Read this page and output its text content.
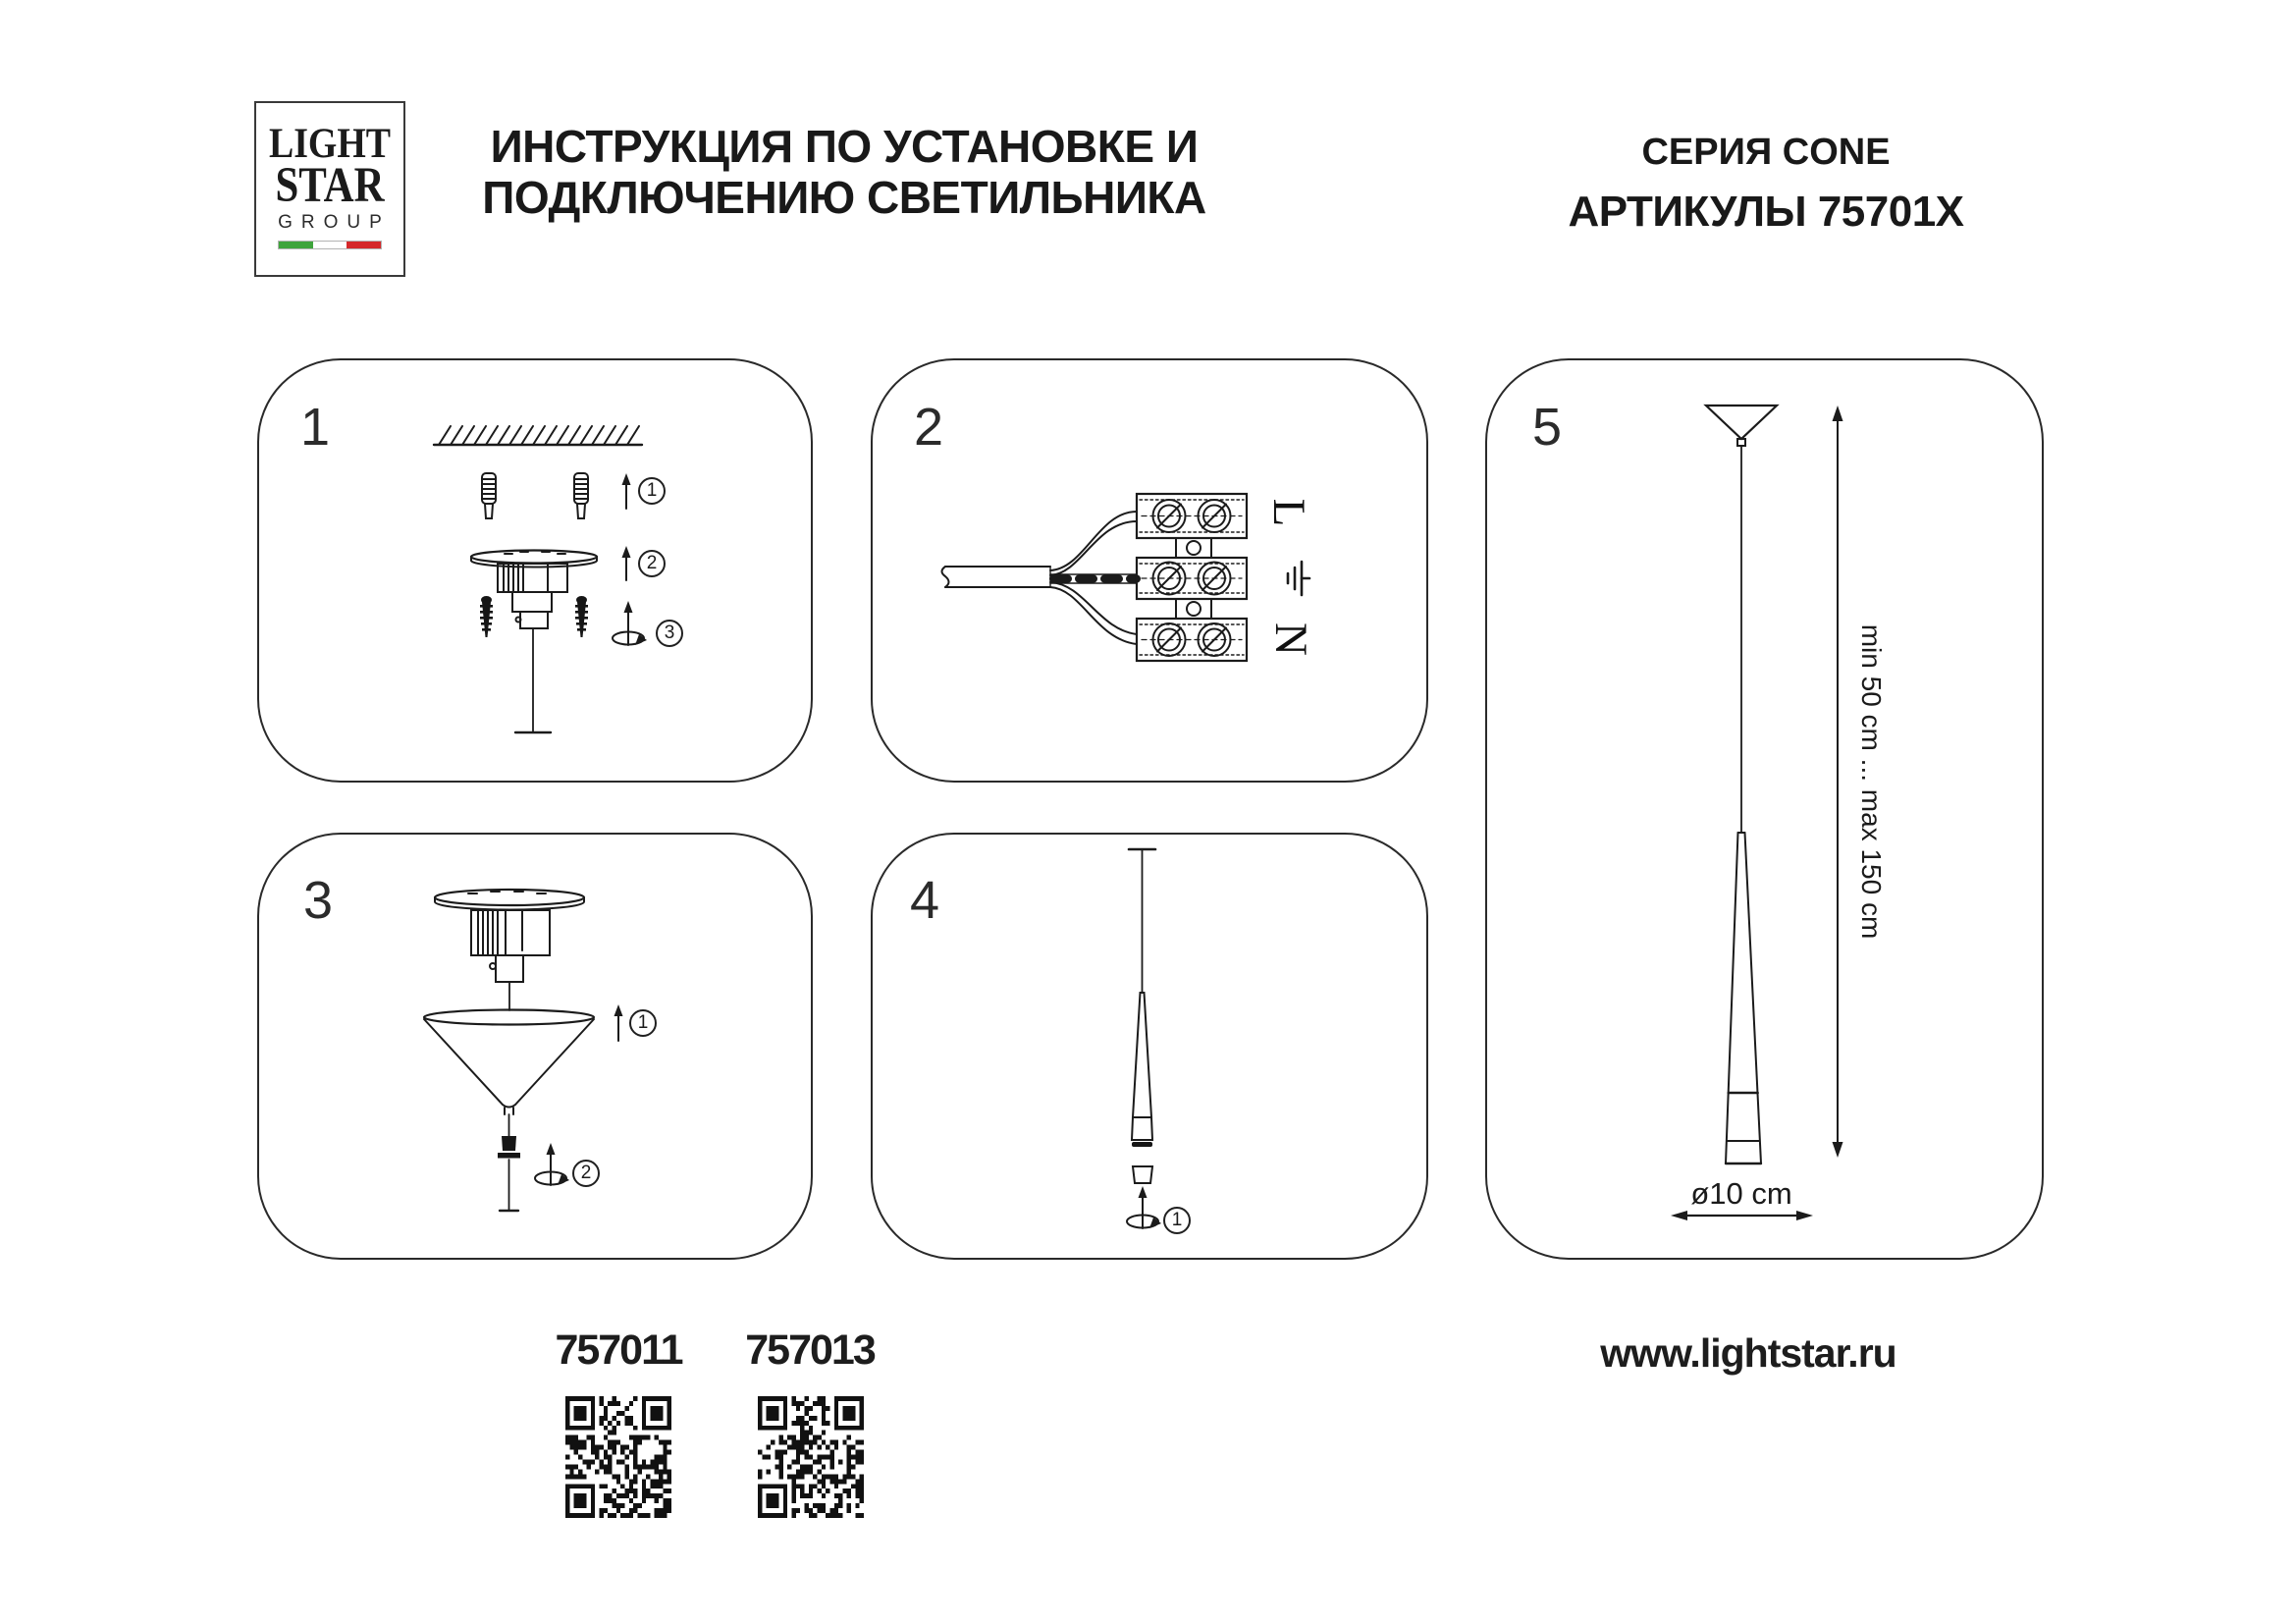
LIGHT
STAR
GROUP
ИНСТРУКЦИЯ ПО УСТАНОВКЕ И
ПОДКЛЮЧЕНИЮ СВЕТИЛЬНИКА
СЕРИЯ CONE
АРТИКУЛЫ 75701X
1	2
3	4
5
1
2
3
L
N
1
2
1
min 50 cm ... max 150 cm
ø10 cm
757011	757013	www.lightstar.ru
